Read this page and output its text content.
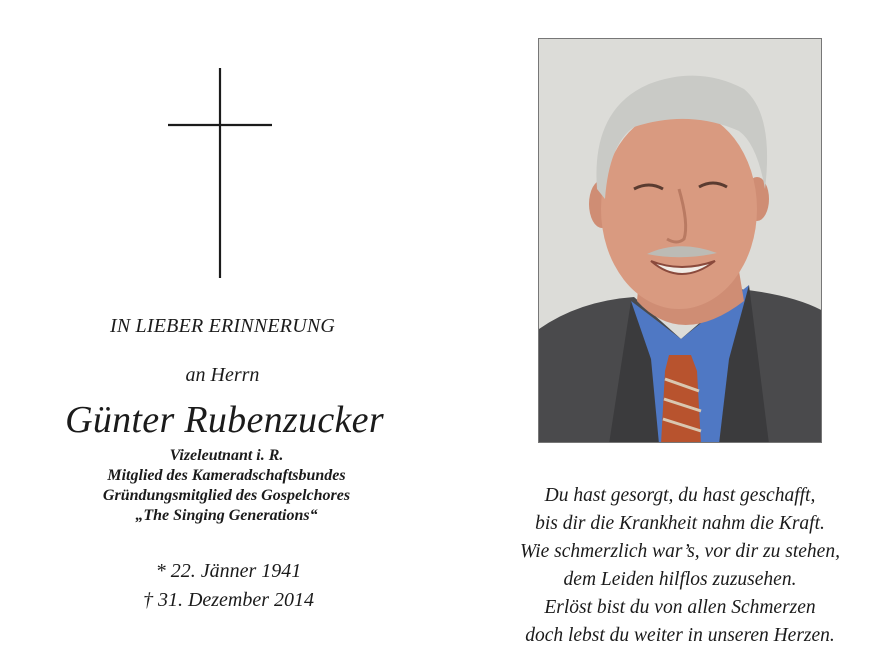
IN LIEBER ERINNERUNG
an Herrn
Günter Rubenzucker
Vizeleutnant i. R.
Mitglied des Kameradschaftsbundes
Gründungsmitglied des Gospelchores
„The Singing Generations“
* 22. Jänner 1941
† 31. Dezember 2014
Du hast gesorgt, du hast geschafft,
bis dir die Krankheit nahm die Kraft.
Wie schmerzlich war’s, vor dir zu stehen,
dem Leiden hilflos zuzusehen.
Erlöst bist du von allen Schmerzen
doch lebst du weiter in unseren Herzen.
